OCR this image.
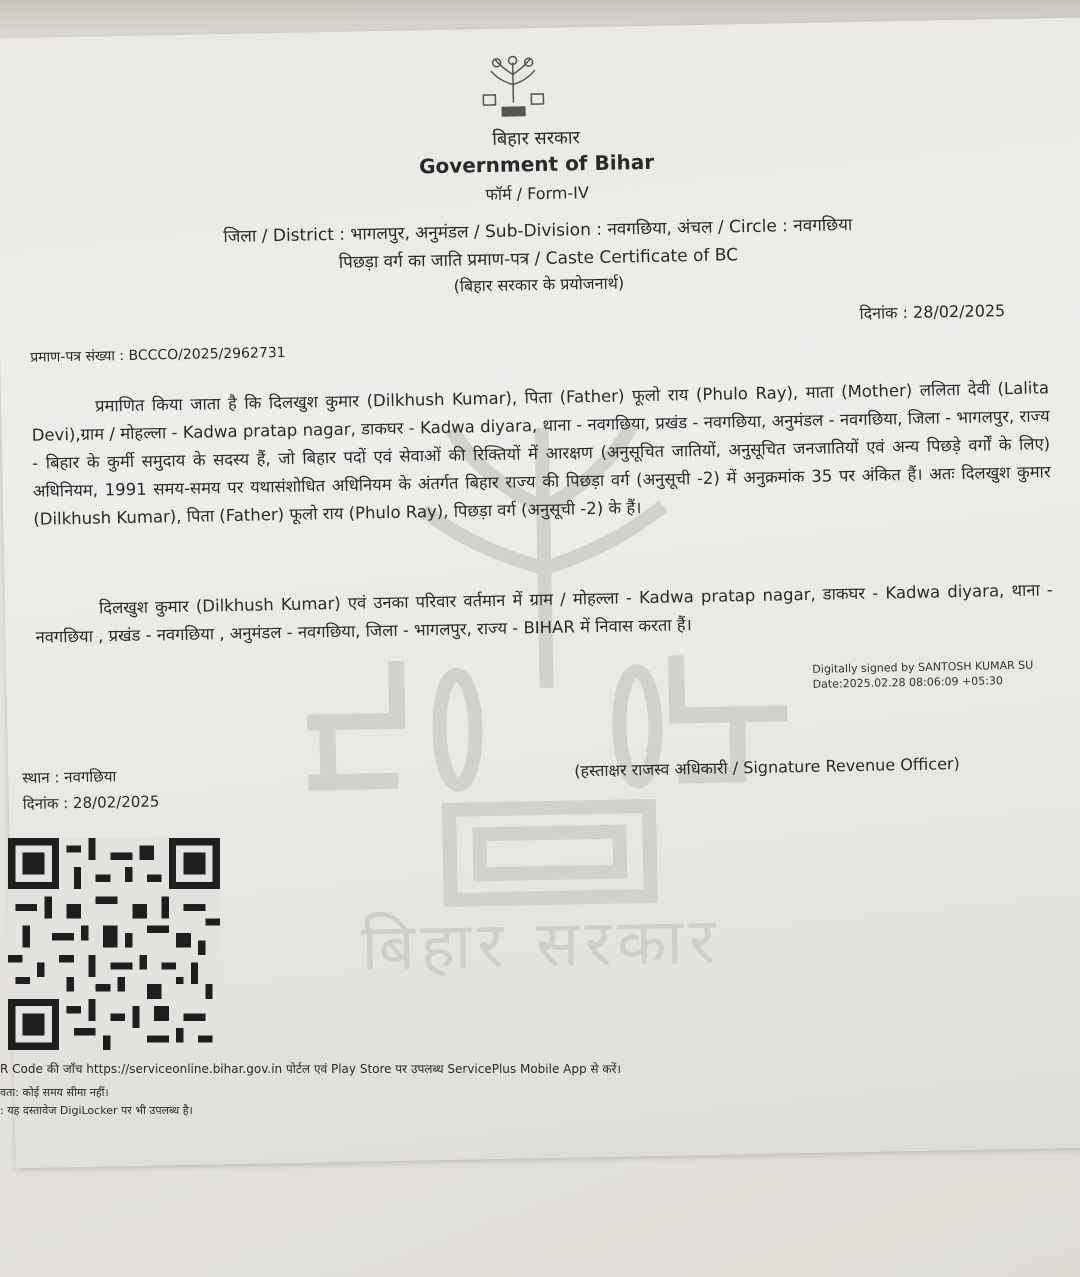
बिहार सरकार
बिहार सरकार
Government of Bihar
फॉर्म / Form-IV
जिला / District : भागलपुर, अनुमंडल / Sub-Division : नवगछिया, अंचल / Circle : नवगछिया
पिछड़ा वर्ग का जाति प्रमाण-पत्र / Caste Certificate of BC
(बिहार सरकार के प्रयोजनार्थ)
दिनांक : 28/02/2025
प्रमाण-पत्र संख्या : BCCCO/2025/2962731
प्रमाणित किया जाता है कि दिलखुश कुमार (Dilkhush Kumar), पिता (Father) फूलो राय (Phulo Ray), माता (Mother) ललिता देवी (Lalita Devi),ग्राम / मोहल्ला - Kadwa pratap nagar, डाकघर - Kadwa diyara, थाना - नवगछिया, प्रखंड - नवगछिया, अनुमंडल - नवगछिया, जिला - भागलपुर, राज्य - बिहार के कुर्मी समुदाय के सदस्य हैं, जो बिहार पदों एवं सेवाओं की रिक्तियों में आरक्षण (अनुसूचित जातियों, अनुसूचित जनजातियों एवं अन्य पिछड़े वर्गों के लिए) अधिनियम, 1991 समय-समय पर यथासंशोधित अधिनियम के अंतर्गत बिहार राज्य की पिछड़ा वर्ग (अनुसूची -2) में अनुक्रमांक 35 पर अंकित हैं। अतः दिलखुश कुमार (Dilkhush Kumar), पिता (Father) फूलो राय (Phulo Ray), पिछड़ा वर्ग (अनुसूची -2) के हैं।
दिलखुश कुमार (Dilkhush Kumar) एवं उनका परिवार वर्तमान में ग्राम / मोहल्ला - Kadwa pratap nagar, डाकघर - Kadwa diyara, थाना - नवगछिया , प्रखंड - नवगछिया , अनुमंडल - नवगछिया, जिला - भागलपुर, राज्य - BIHAR में निवास करता हैं।
Digitally signed by SANTOSH KUMAR SU
Date:2025.02.28 08:06:09 +05:30
(हस्ताक्षर राजस्व अधिकारी / Signature Revenue Officer)
स्थान : नवगछिया
दिनांक : 28/02/2025
R Code की जाँच https://serviceonline.bihar.gov.in पोर्टल एवं Play Store पर उपलब्ध ServicePlus Mobile App से करें।
वता: कोई समय सीमा नहीं।
: यह दस्तावेज DigiLocker पर भी उपलब्ध है।
